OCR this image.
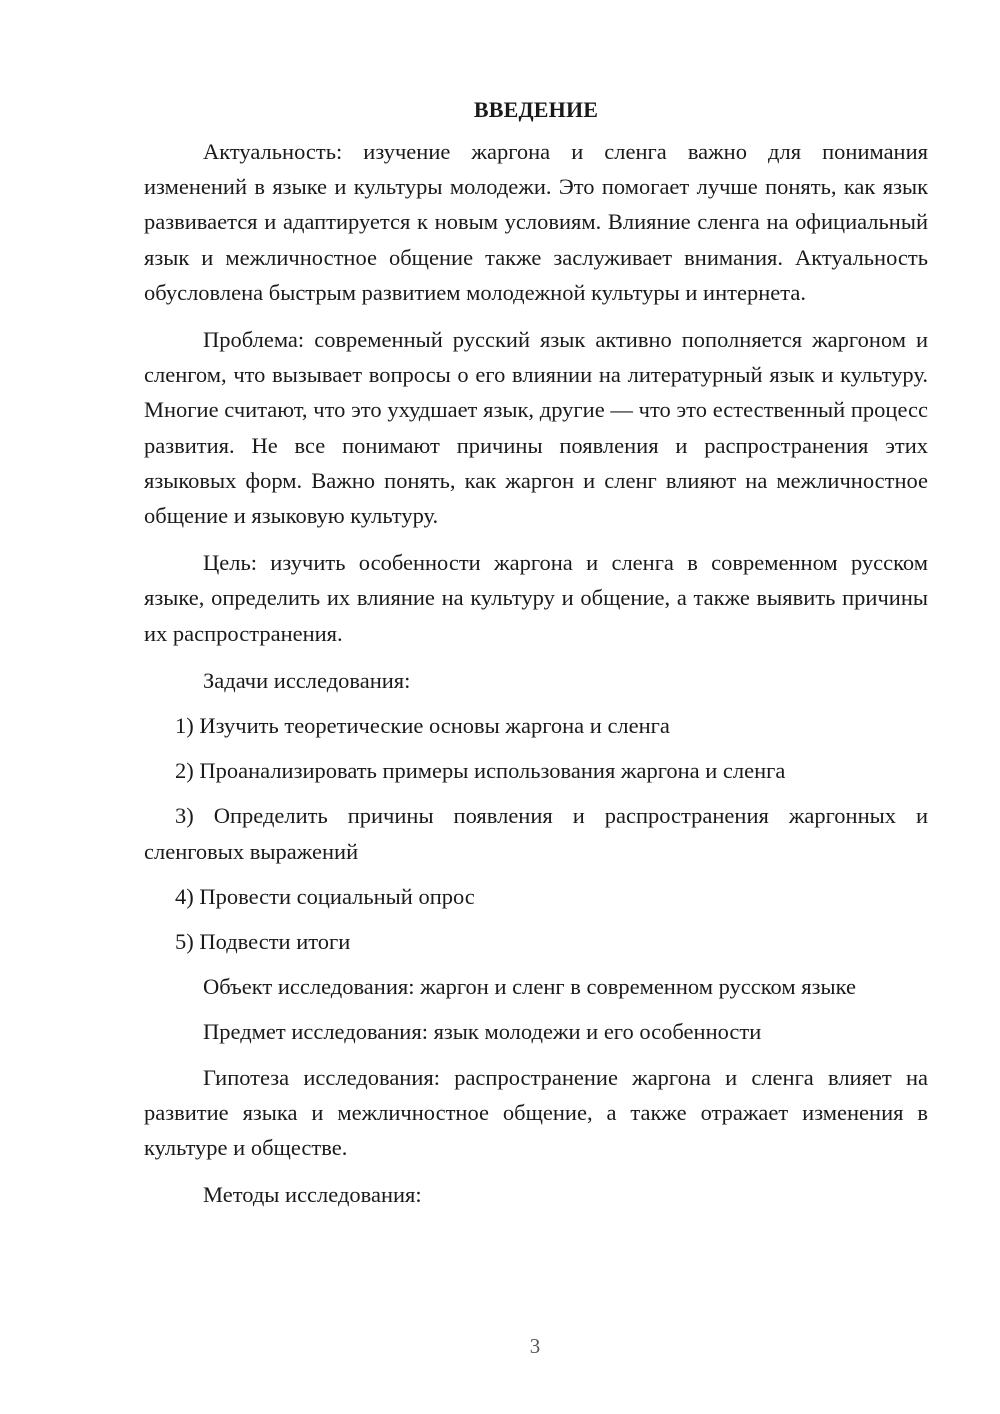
ВВЕДЕНИЕ

Актуальность: изучение жаргона и сленга важно для понимания изменений в языке и культуры молодежи. Это помогает лучше понять, как язык развивается и адаптируется к новым условиям. Влияние сленга на официальный язык и межличностное общение также заслуживает внимания. Актуальность обусловлена быстрым развитием молодежной культуры и интернета.

Проблема: современный русский язык активно пополняется жаргоном и сленгом, что вызывает вопросы о его влиянии на литературный язык и культуру. Многие считают, что это ухудшает язык, другие — что это естественный процесс развития. Не все понимают причины появления и распространения этих языковых форм. Важно понять, как жаргон и сленг влияют на межличностное общение и языковую культуру.

Цель: изучить особенности жаргона и сленга в современном русском языке, определить их влияние на культуру и общение, а также выявить причины их распространения.

Задачи исследования:

1) Изучить теоретические основы жаргона и сленга

2) Проанализировать примеры использования жаргона и сленга

3) Определить причины появления и распространения жаргонных и сленговых выражений

4) Провести социальный опрос

5) Подвести итоги

Объект исследования: жаргон и сленг в современном русском языке

Предмет исследования: язык молодежи и его особенности

Гипотеза исследования: распространение жаргона и сленга влияет на развитие языка и межличностное общение, а также отражает изменения в культуре и обществе.

Методы исследования:

3
